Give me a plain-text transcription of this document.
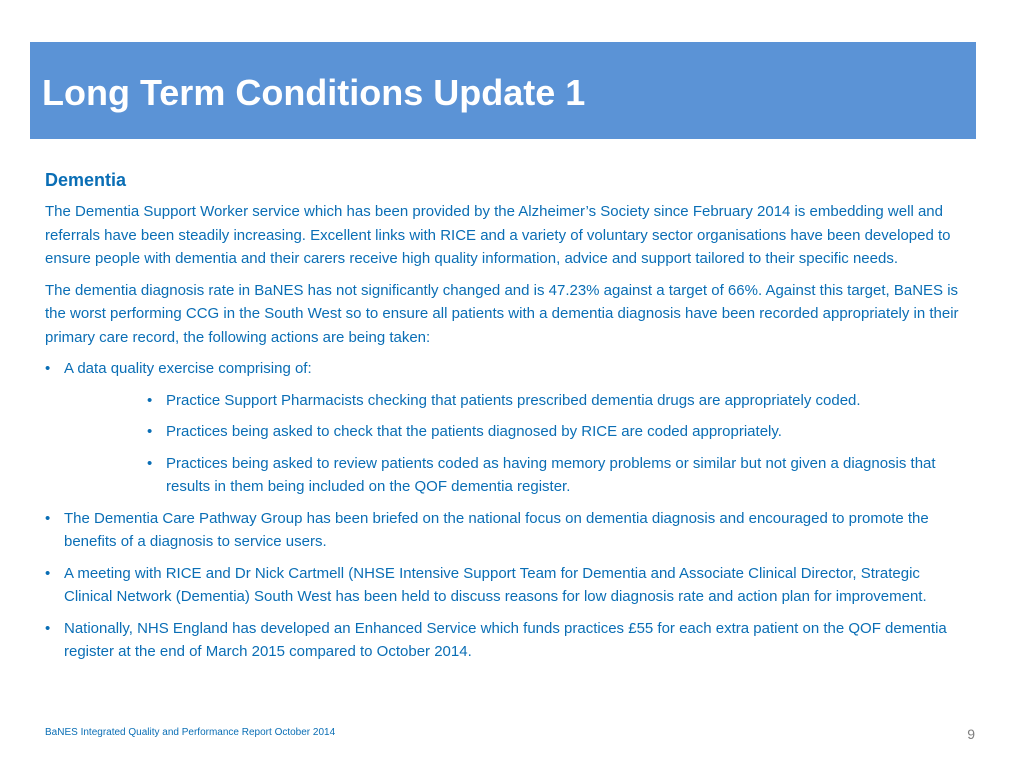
Long Term Conditions Update 1
Dementia

The Dementia Support Worker service which has been provided by the Alzheimer’s Society since February 2014 is embedding well and referrals have been steadily increasing. Excellent links with RICE and a variety of voluntary sector organisations have been developed to ensure people with dementia and their carers receive high quality information, advice and support tailored to their specific needs.

The dementia diagnosis rate in BaNES has not significantly changed and is 47.23% against a target of 66%. Against this target, BaNES is the worst performing CCG in the South West so to ensure all patients with a dementia diagnosis have been recorded appropriately in their primary care record, the following actions are being taken:

• A data quality exercise comprising of:
• Practice Support Pharmacists checking that patients prescribed dementia drugs are appropriately coded.
• Practices being asked to check that the patients diagnosed by RICE are coded appropriately.
• Practices being asked to review patients coded as having memory problems or similar but not given a diagnosis that results in them being included on the QOF dementia register.
• The Dementia Care Pathway Group has been briefed on the national focus on dementia diagnosis and encouraged to promote the benefits of a diagnosis to service users.
• A meeting with RICE and Dr Nick Cartmell (NHSE Intensive Support Team for Dementia and Associate Clinical Director, Strategic Clinical Network (Dementia) South West has been held to discuss reasons for low diagnosis rate and action plan for improvement.
• Nationally, NHS England has developed an Enhanced Service which funds practices £55 for each extra patient on the QOF dementia register at the end of March 2015 compared to October 2014.
BaNES Integrated Quality and Performance Report October 2014	9
